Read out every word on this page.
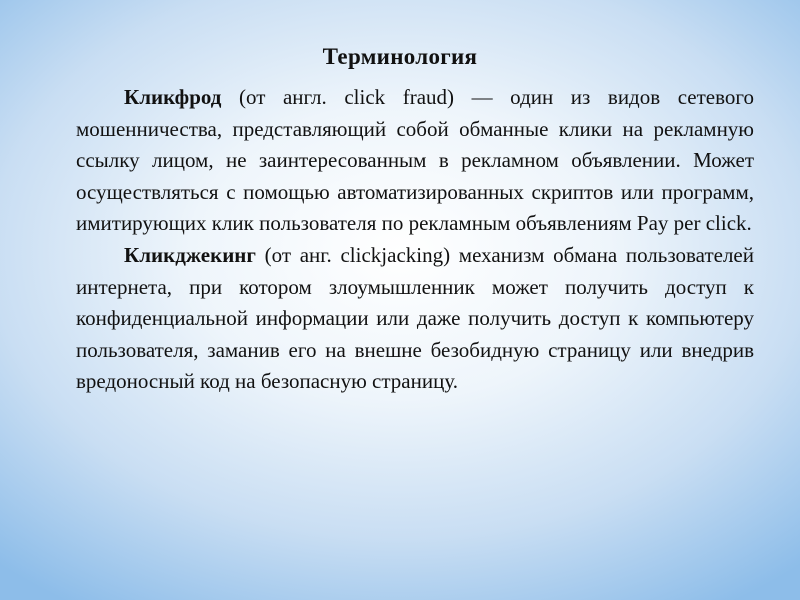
Терминология

Кликфрод (от англ. click fraud) — один из видов сетевого мошенничества, представляющий собой обманные клики на рекламную ссылку лицом, не заинтересованным в рекламном объявлении. Может осуществляться с помощью автоматизированных скриптов или программ, имитирующих клик пользователя по рекламным объявлениям Pay per click.

Кликджекинг (от анг. clickjacking) механизм обмана пользователей интернета, при котором злоумышленник может получить доступ к конфиденциальной информации или даже получить доступ к компьютеру пользователя, заманив его на внешне безобидную страницу или внедрив вредоносный код на безопасную страницу.
